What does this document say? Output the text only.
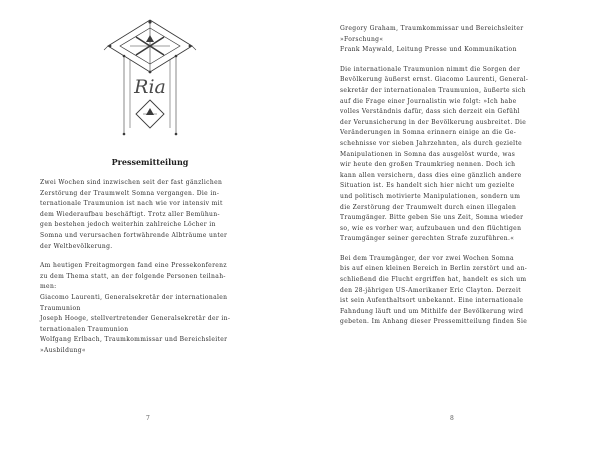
Ria
Pressemitteilung

Zwei Wochen sind inzwischen seit der fast gänzlichen
Zerstörung der Traumwelt Somna vergangen. Die in-
ternationale Traumunion ist nach wie vor intensiv mit
dem Wiederaufbau beschäftigt. Trotz aller Bemühun-
gen bestehen jedoch weiterhin zahlreiche Löcher in
Somna und verursachen fortwährende Albträume unter
der Weltbevölkerung.

Am heutigen Freitagmorgen fand eine Pressekonferenz
zu dem Thema statt, an der folgende Personen teilnah-
men:

Giacomo Laurenti, Generalsekretär der internationalen
Traumunion

Joseph Hooge, stellvertretender Generalsekretär der in-
ternationalen Traumunion

Wolfgang Erlbach, Traumkommissar und Bereichsleiter
»Ausbildung«

7

Gregory Graham, Traumkommissar und Bereichsleiter
»Forschung«

Frank Maywald, Leitung Presse und Kommunikation

Die internationale Traumunion nimmt die Sorgen der
Bevölkerung äußerst ernst. Giacomo Laurenti, General-
sekretär der internationalen Traumunion, äußerte sich
auf die Frage einer Journalistin wie folgt: »Ich habe
volles Verständnis dafür, dass sich derzeit ein Gefühl
der Verunsicherung in der Bevölkerung ausbreitet. Die
Veränderungen in Somna erinnern einige an die Ge-
schehnisse vor sieben Jahrzehnten, als durch gezielte
Manipulationen in Somna das ausgelöst wurde, was
wir heute den großen Traumkrieg nennen. Doch ich
kann allen versichern, dass dies eine gänzlich andere
Situation ist. Es handelt sich hier nicht um gezielte
und politisch motivierte Manipulationen, sondern um
die Zerstörung der Traumwelt durch einen illegalen
Traumgänger. Bitte geben Sie uns Zeit, Somna wieder
so, wie es vorher war, aufzubauen und den flüchtigen
Traumgänger seiner gerechten Strafe zuzuführen.«

Bei dem Traumgänger, der vor zwei Wochen Somna
bis auf einen kleinen Bereich in Berlin zerstört und an-
schließend die Flucht ergriffen hat, handelt es sich um
den 28-jährigen US-Amerikaner Eric Clayton. Derzeit
ist sein Aufenthaltsort unbekannt. Eine internationale
Fahndung läuft und um Mithilfe der Bevölkerung wird
gebeten. Im Anhang dieser Pressemitteilung finden Sie

8
